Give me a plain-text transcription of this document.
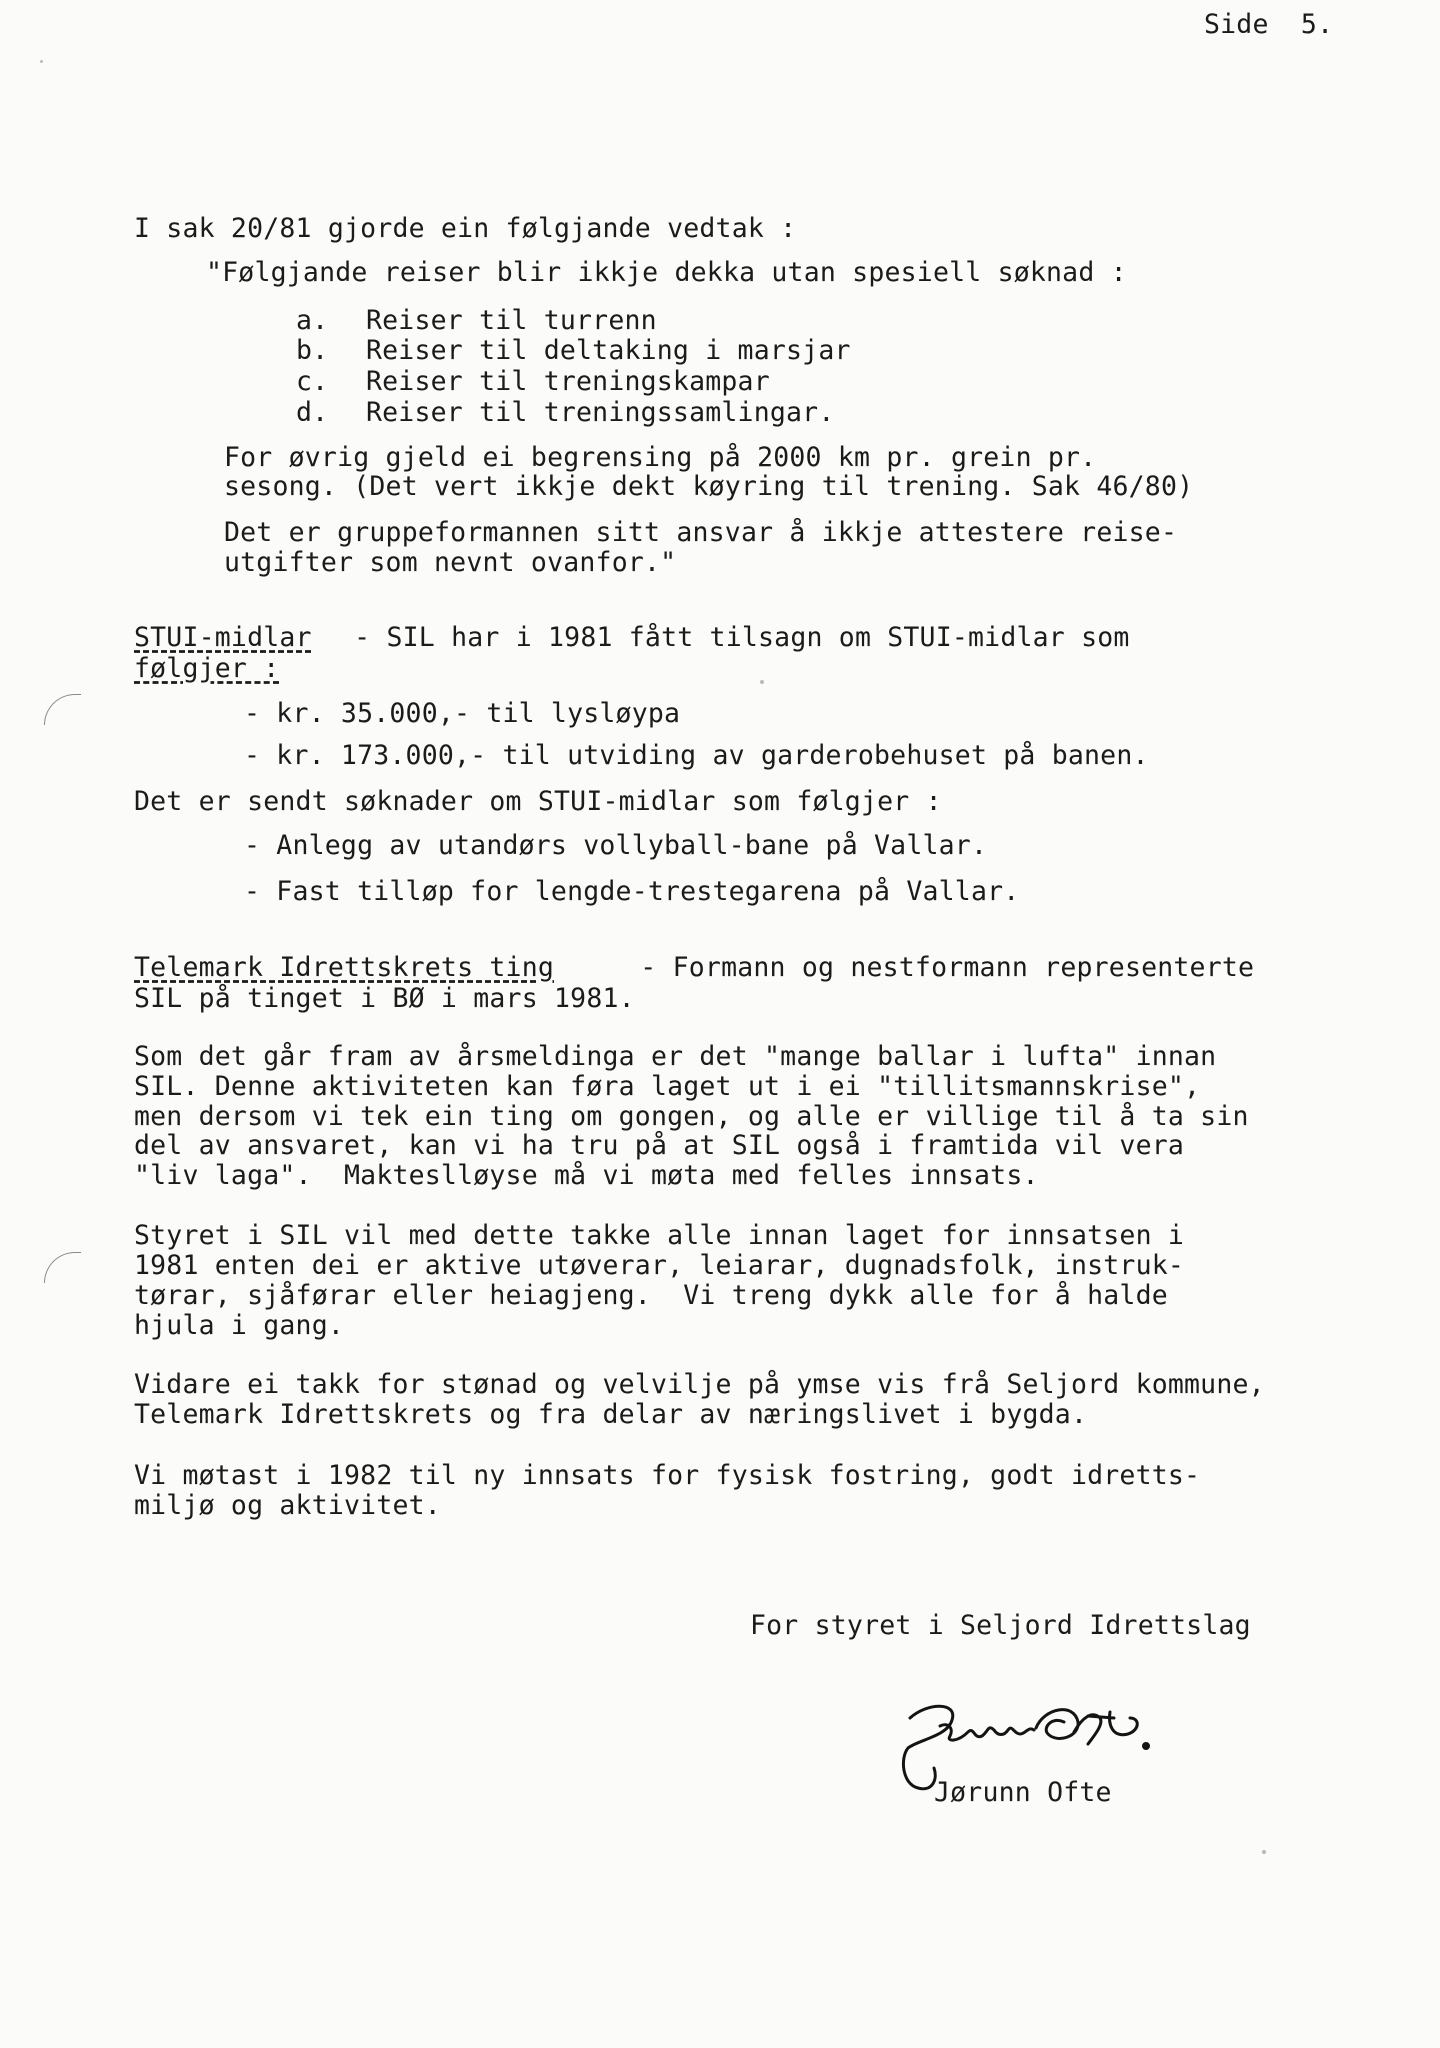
Side  5.
I sak 20/81 gjorde ein følgjande vedtak :
"Følgjande reiser blir ikkje dekka utan spesiell søknad :
a. Reiser til turrenn
b. Reiser til deltaking i marsjar
c. Reiser til treningskampar
d. Reiser til treningssamlingar.
For øvrig gjeld ei begrensing på 2000 km pr. grein pr.
sesong. (Det vert ikkje dekt køyring til trening. Sak 46/80)
Det er gruppeformannen sitt ansvar å ikkje attestere reise-
utgifter som nevnt ovanfor."
STUI-midlar - SIL har i 1981 fått tilsagn om STUI-midlar som
følgjer :
- kr. 35.000,- til lysløypa
- kr. 173.000,- til utviding av garderobehuset på banen.
Det er sendt søknader om STUI-midlar som følgjer :
- Anlegg av utandørs vollyball-bane på Vallar.
- Fast tilløp for lengde-trestegarena på Vallar.
Telemark Idrettskrets ting - Formann og nestformann representerte
SIL på tinget i BØ i mars 1981.
Som det går fram av årsmeldinga er det "mange ballar i lufta" innan
SIL. Denne aktiviteten kan føra laget ut i ei "tillitsmannskrise",
men dersom vi tek ein ting om gongen, og alle er villige til å ta sin
del av ansvaret, kan vi ha tru på at SIL også i framtida vil vera
"liv laga".  Makteslløyse må vi møta med felles innsats.
Styret i SIL vil med dette takke alle innan laget for innsatsen i
1981 enten dei er aktive utøverar, leiarar, dugnadsfolk, instruk-
tørar, sjåførar eller heiagjeng.  Vi treng dykk alle for å halde
hjula i gang.
Vidare ei takk for stønad og velvilje på ymse vis frå Seljord kommune,
Telemark Idrettskrets og fra delar av næringslivet i bygda.
Vi møtast i 1982 til ny innsats for fysisk fostring, godt idretts-
miljø og aktivitet.
For styret i Seljord Idrettslag
Jorunn Ofte
Jørunn Ofte
